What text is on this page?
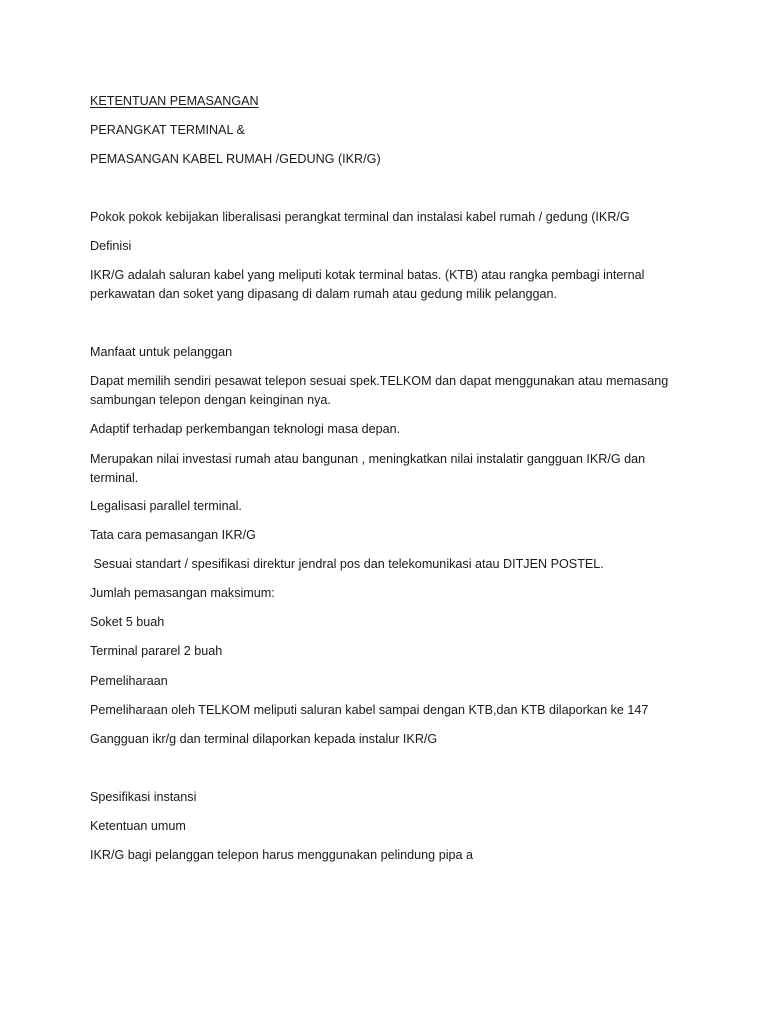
KETENTUAN PEMASANGAN
PERANGKAT TERMINAL &
PEMASANGAN KABEL RUMAH /GEDUNG (IKR/G)
Pokok pokok kebijakan liberalisasi perangkat terminal dan instalasi kabel rumah / gedung (IKR/G
Definisi
IKR/G adalah saluran kabel yang meliputi kotak terminal batas. (KTB) atau rangka pembagi internal
perkawatan dan soket yang dipasang di dalam rumah atau gedung milik pelanggan.
Manfaat untuk pelanggan
Dapat memilih sendiri pesawat telepon sesuai spek.TELKOM dan dapat menggunakan atau memasang
sambungan telepon dengan keinginan nya.
Adaptif terhadap perkembangan teknologi masa depan.
Merupakan nilai investasi rumah atau bangunan , meningkatkan nilai instalatir gangguan IKR/G dan
terminal.
Legalisasi parallel terminal.
Tata cara pemasangan IKR/G
Sesuai standart / spesifikasi direktur jendral pos dan telekomunikasi atau DITJEN POSTEL.
Jumlah pemasangan maksimum:
Soket 5 buah
Terminal pararel 2 buah
Pemeliharaan
Pemeliharaan oleh TELKOM meliputi saluran kabel sampai dengan KTB,dan KTB dilaporkan ke 147
Gangguan ikr/g dan terminal dilaporkan kepada instalur IKR/G
Spesifikasi instansi
Ketentuan umum
IKR/G bagi pelanggan telepon harus menggunakan pelindung pipa a
